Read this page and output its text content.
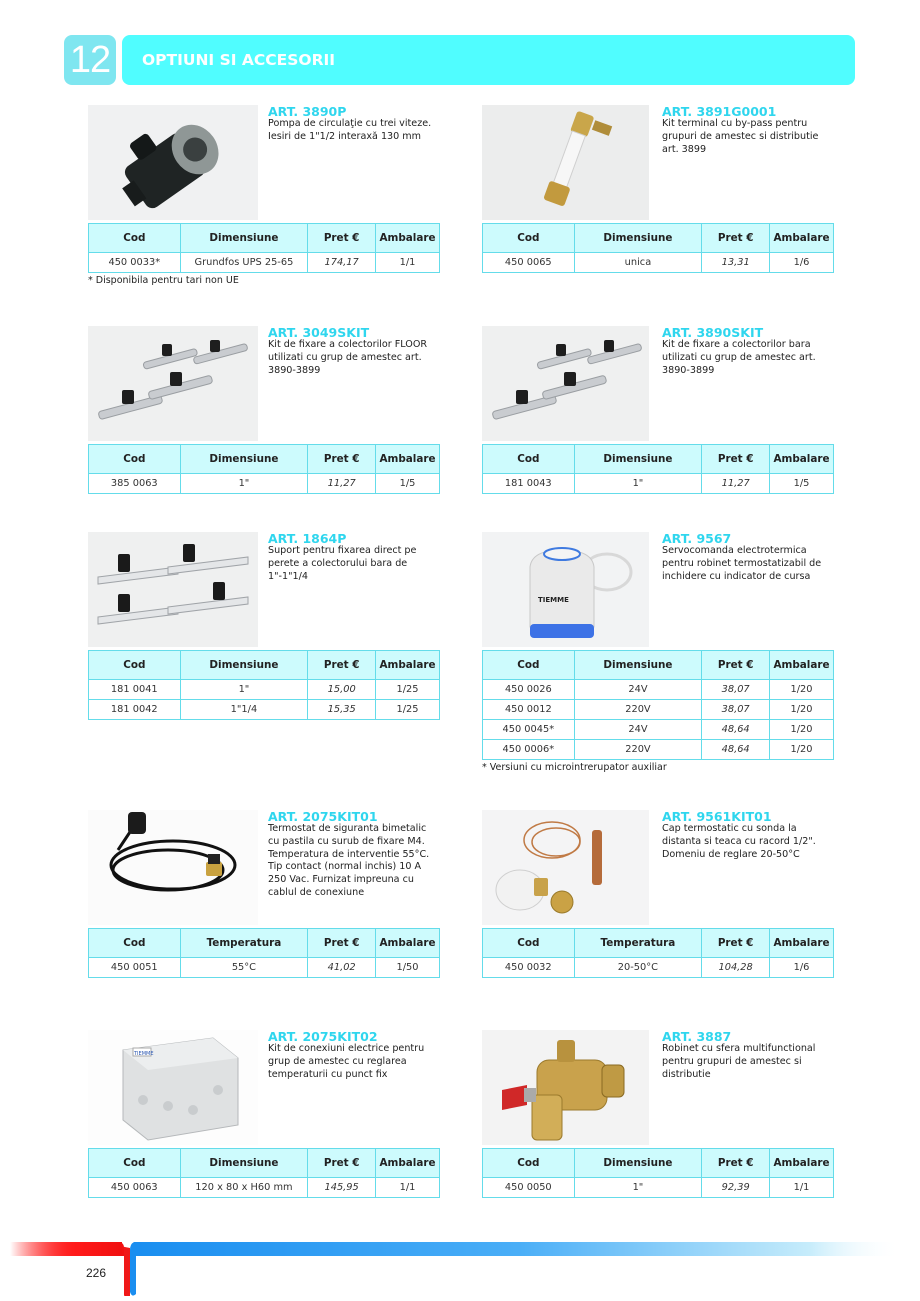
12	OPTIUNI SI ACCESORII
ART. 3890P
Pompa de circulaţie cu trei viteze.
Iesiri de 1"1/2 interaxă 130 mm
Cod	Dimensiune	Pret €	Ambalare
450 0033*	Grundfos UPS 25-65	174,17	1/1
* Disponibila pentru tari non UE
ART. 3891G0001
Kit terminal cu by-pass pentru
grupuri de amestec si distributie
art. 3899
Cod	Dimensiune	Pret €	Ambalare
450 0065	unica	13,31	1/6
ART. 3049SKIT
Kit de fixare a colectorilor FLOOR
utilizati cu grup de amestec art.
3890-3899
Cod	Dimensiune	Pret €	Ambalare
385 0063	1"	11,27	1/5
ART. 3890SKIT
Kit de fixare a colectorilor bara
utilizati cu grup de amestec art.
3890-3899
Cod	Dimensiune	Pret €	Ambalare
181 0043	1"	11,27	1/5
ART. 1864P
Suport pentru fixarea direct pe
perete a colectorului bara de
1"-1"1/4
Cod	Dimensiune	Pret €	Ambalare
181 0041	1"	15,00	1/25
181 0042	1"1/4	15,35	1/25
TIEMME
ART. 9567
Servocomanda electrotermica
pentru robinet termostatizabil de
inchidere cu indicator de cursa
Cod	Dimensiune	Pret €	Ambalare
450 0026	24V	38,07	1/20
450 0012	220V	38,07	1/20
450 0045*	24V	48,64	1/20
450 0006*	220V	48,64	1/20
* Versiuni cu microintrerupator auxiliar
ART. 2075KIT01
Termostat de siguranta bimetalic
cu pastila cu surub de fixare M4.
Temperatura de interventie 55°C.
Tip contact (normal inchis) 10 A
250 Vac. Furnizat impreuna cu
cablul de conexiune
Cod	Temperatura	Pret €	Ambalare
450 0051	55°C	41,02	1/50
ART. 9561KIT01
Cap termostatic cu sonda la
distanta si teaca cu racord 1/2".
Domeniu de reglare 20-50°C
Cod	Temperatura	Pret €	Ambalare
450 0032	20-50°C	104,28	1/6
TIEMME
ART. 2075KIT02
Kit de conexiuni electrice pentru
grup de amestec cu reglarea
temperaturii cu punct fix
Cod	Dimensiune	Pret €	Ambalare
450 0063	120 x 80 x H60 mm	145,95	1/1
ART. 3887
Robinet cu sfera multifunctional
pentru grupuri de amestec si
distributie
Cod	Dimensiune	Pret €	Ambalare
450 0050	1"	92,39	1/1
226
